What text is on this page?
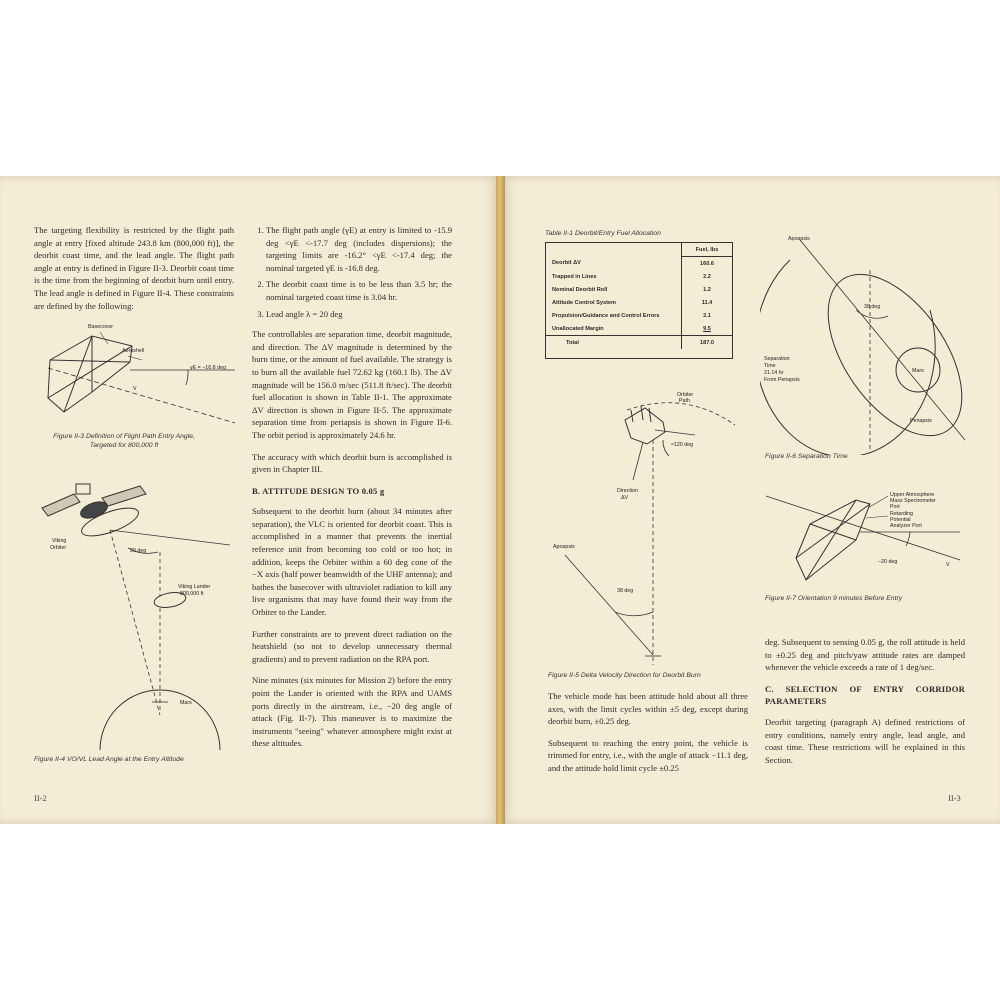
The targeting flexibility is restricted by the flight path angle at entry [fixed altitude 243.8 km (800,000 ft)], the deorbit coast time, and the lead angle. The flight path angle at entry is defined in Figure II-3. Deorbit coast time is the time from the beginning of deorbit burn until entry. The lead angle is defined in Figure II-4. These constraints are defined by the following:

Basecover
Aeroshell
γE = −16.8 deg
V
Figure II-3 Definition of Flight Path Entry Angle,
Targeted for 800,000 ft
Viking
Orbiter	20 deg
Viking Lander
800,000 ft
Mars
Figure II-4 VO/VL Lead Angle at the Entry Altitude
1. The flight path angle (γE) at entry is limited to -15.9 deg <γE <-17.7 deg (includes dispersions); the targeting limits are -16.2° <γE <-17.4 deg; the nominal targeted γE is -16.8 deg.
2. The deorbit coast time is to be less than 3.5 hr; the nominal targeted coast time is 3.04 hr.
3. Lead angle λ = 20 deg

The controllables are separation time, deorbit magnitude, and direction. The ΔV magnitude is determined by the burn time, or the amount of fuel available. The strategy is to burn all the available fuel 72.62 kg (160.1 lb). The ΔV magnitude will be 156.0 m/sec (511.8 ft/sec). The deorbit fuel allocation is shown in Table II-1. The approximate ΔV direction is shown in Figure II-5. The approximate separation time from periapsis is shown in Figure II-6. The orbit period is approximately 24.6 hr.

The accuracy with which deorbit burn is accomplished is given in Chapter III.

B. ATTITUDE DESIGN TO 0.05 g

Subsequent to the deorbit burn (about 34 minutes after separation), the VLC is oriented for deorbit coast. This is accomplished in a manner that prevents the inertial reference unit from becoming too cold or too hot; in addition, keeps the Orbiter within a 60 deg cone of the −X axis (half power beamwidth of the UHF antenna); and bathes the basecover with ultraviolet radiation to kill any live organisms that may have found their way from the Orbiter to the Lander.

Further constraints are to prevent direct radiation on the heatshield (so not to develop unnecessary thermal gradients) and to prevent radiation on the RPA port.

Nine minutes (six minutes for Mission 2) before the entry point the Lander is oriented with the RPA and UAMS ports directly in the airstream, i.e., −20 deg angle of attack (Fig. II-7). This maneuver is to maximize the instruments "seeing" whatever atmosphere might exist at these altitudes.

II-2
Table II-1 Deorbit/Entry Fuel Allocation
	Fuel, lbs
Deorbit ΔV	160.6
Trapped in Lines	2.2
Nominal Deorbit Roll	1.2
Attitude Control System	11.4
Propulsion/Guidance and Control Errors	2.1
Unallocated Margin	9.5
Total	187.0
Orbiter
Path
≈120 deg
Direction
ΔV
Apoapsis
38 deg
Figure II-5 Delta Velocity Direction for Deorbit Burn
Apoapsis
38 deg
Separation
Time
21.14 hr
From Periapsis
Mars
Periapsis
Figure II-6 Separation Time
Upper Atmosphere
Mass Spectrometer
Port
Retarding
Potential
Analyzer Port
−20 deg	V
Figure II-7 Orientation 9 minutes Before Entry

The vehicle mode has been attitude hold about all three axes, with the limit cycles within ±5 deg, except during deorbit burn, ±0.25 deg.

Subsequent to reaching the entry point, the vehicle is trimmed for entry, i.e., with the angle of attack −11.1 deg, and the attitude hold limit cycle ±0.25

deg. Subsequent to sensing 0.05 g, the roll attitude is held to ±0.25 deg and pitch/yaw attitude rates are damped whenever the vehicle exceeds a rate of 1 deg/sec.

C. SELECTION OF ENTRY CORRIDOR PARAMETERS

Deorbit targeting (paragraph A) defined restrictions of entry conditions, namely entry angle, lead angle, and coast time. These restrictions will be explained in this Section.

II-3
